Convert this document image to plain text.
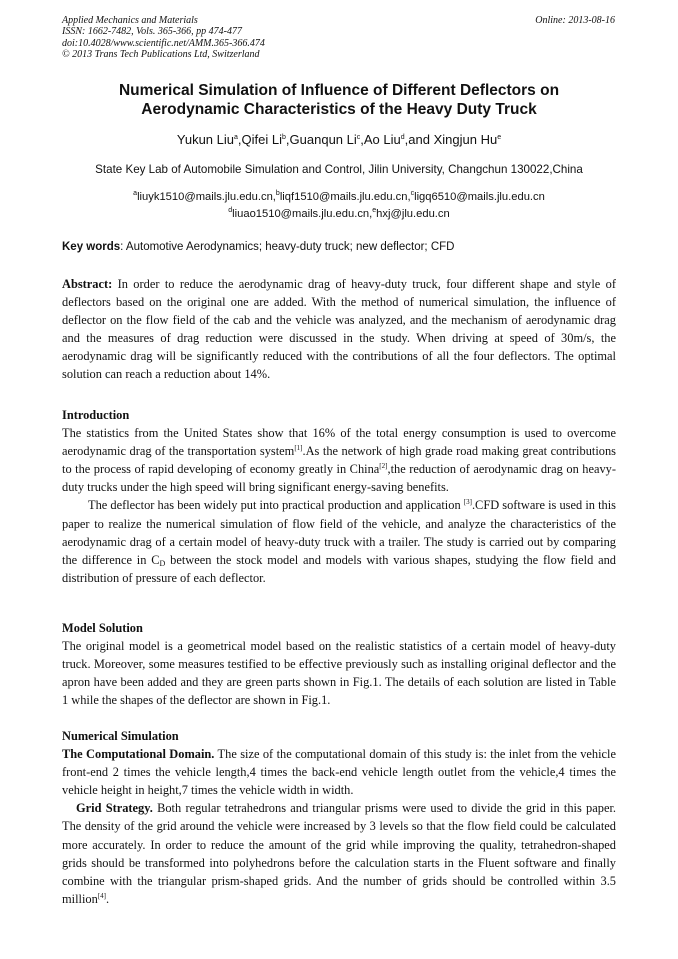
Applied Mechanics and Materials
ISSN: 1662-7482, Vols. 365-366, pp 474-477
doi:10.4028/www.scientific.net/AMM.365-366.474
© 2013 Trans Tech Publications Ltd, Switzerland
Online: 2013-08-16
Numerical Simulation of Influence of Different Deflectors on
Aerodynamic Characteristics of the Heavy Duty Truck
Yukun Liu$^a$,Qifei Li$^b$,Guanqun Li$^c$,Ao Liu$^d$,and Xingjun Hu$^e$
State Key Lab of Automobile Simulation and Control, Jilin University, Changchun 130022,China
$^a$liuyk1510@mails.jlu.edu.cn,$^b$liqf1510@mails.jlu.edu.cn,$^c$ligq6510@mails.jlu.edu.cn
$^d$liuao1510@mails.jlu.edu.cn,$^e$hxj@jlu.edu.cn
Key words: Automotive Aerodynamics; heavy-duty truck; new deflector; CFD

Abstract: In order to reduce the aerodynamic drag of heavy-duty truck, four different shape and style of deflectors based on the original one are added. With the method of numerical simulation, the influence of deflector on the flow field of the cab and the vehicle was analyzed, and the mechanism of aerodynamic drag and the measures of drag reduction were discussed in the study. When driving at speed of 30m/s, the aerodynamic drag will be significantly reduced with the contributions of all the four deflectors. The optimal solution can reach a reduction about 14%.

Introduction

The statistics from the United States show that 16% of the total energy consumption is used to overcome aerodynamic drag of the transportation system[1].As the network of high grade road making great contributions to the process of rapid developing of economy greatly in China[2],the reduction of aerodynamic drag on heavy-duty trucks under the high speed will bring significant energy-saving benefits.

The deflector has been widely put into practical production and application [3].CFD software is used in this paper to realize the numerical simulation of flow field of the vehicle, and analyze the characteristics of the aerodynamic drag of a certain model of heavy-duty truck with a trailer. The study is carried out by comparing the difference in $C_D$ between the stock model and models with various shapes, studying the flow field and distribution of pressure of each deflector.

Model Solution

The original model is a geometrical model based on the realistic statistics of a certain model of heavy-duty truck. Moreover, some measures testified to be effective previously such as installing original deflector and the apron have been added and they are green parts shown in Fig.1. The details of each solution are listed in Table 1 while the shapes of the deflector are shown in Fig.1.

Numerical Simulation

The Computational Domain. The size of the computational domain of this study is: the inlet from the vehicle front-end 2 times the vehicle length,4 times the back-end vehicle length outlet from the vehicle,4 times the vehicle height in height,7 times the vehicle width in width.

Grid Strategy. Both regular tetrahedrons and triangular prisms were used to divide the grid in this paper. The density of the grid around the vehicle were increased by 3 levels so that the flow field could be calculated more accurately. In order to reduce the amount of the grid while improving the quality, tetrahedron-shaped grids should be transformed into polyhedrons before the calculation starts in the Fluent software and finally combine with the triangular prism-shaped grids. And the number of grids should be controlled within 3.5 million[4].
